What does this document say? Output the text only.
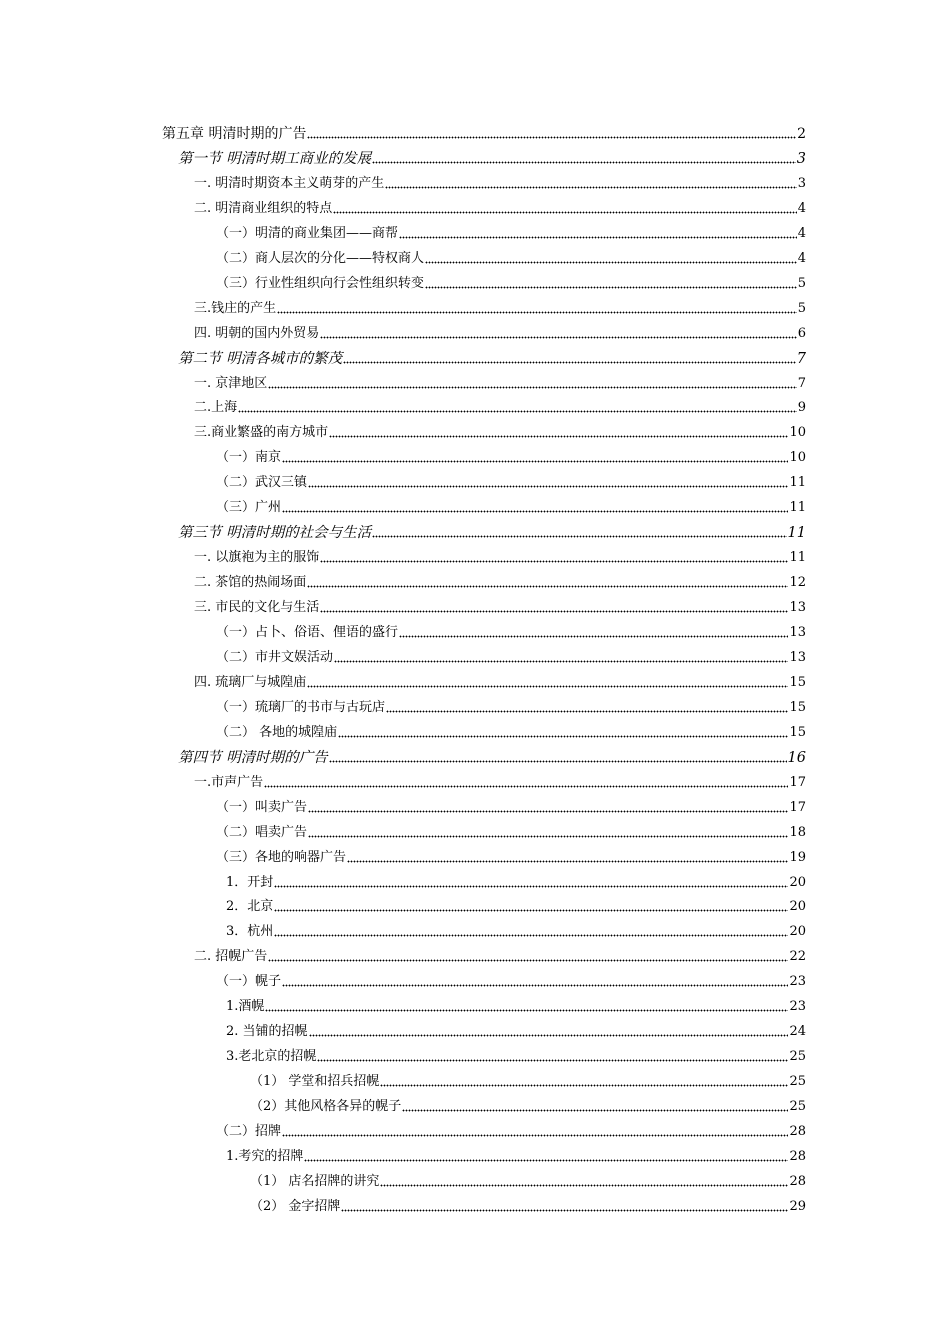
第五章 明清时期的广告	2
第一节 明清时期工商业的发展	3
一. 明清时期资本主义萌芽的产生	3
二. 明清商业组织的特点	4
（一）明清的商业集团——商帮	4
（二）商人层次的分化——特权商人	4
（三）行业性组织向行会性组织转变	5
三.钱庄的产生	5
四. 明朝的国内外贸易	6
第二节 明清各城市的繁茂	7
一. 京津地区	7
二.上海	9
三.商业繁盛的南方城市	10
（一）南京	10
（二）武汉三镇	11
（三）广州	11
第三节 明清时期的社会与生活	11
一. 以旗袍为主的服饰	11
二. 茶馆的热闹场面	12
三. 市民的文化与生活	13
（一）占卜、俗语、俚语的盛行	13
（二）市井文娱活动	13
四. 琉璃厂与城隍庙	15
（一）琉璃厂的书市与古玩店	15
（二） 各地的城隍庙	15
第四节 明清时期的广告	16
一.市声广告	17
（一）叫卖广告	17
（二）唱卖广告	18
（三）各地的响器广告	19
1．开封	20
2．北京	20
3．杭州	20
二. 招幌广告	22
（一）幌子	23
1.酒幌	23
2. 当铺的招幌	24
3.老北京的招幌	25
（1） 学堂和招兵招幌	25
（2）其他风格各异的幌子	25
（二）招牌	28
1.考究的招牌	28
（1） 店名招牌的讲究	28
（2） 金字招牌	29
